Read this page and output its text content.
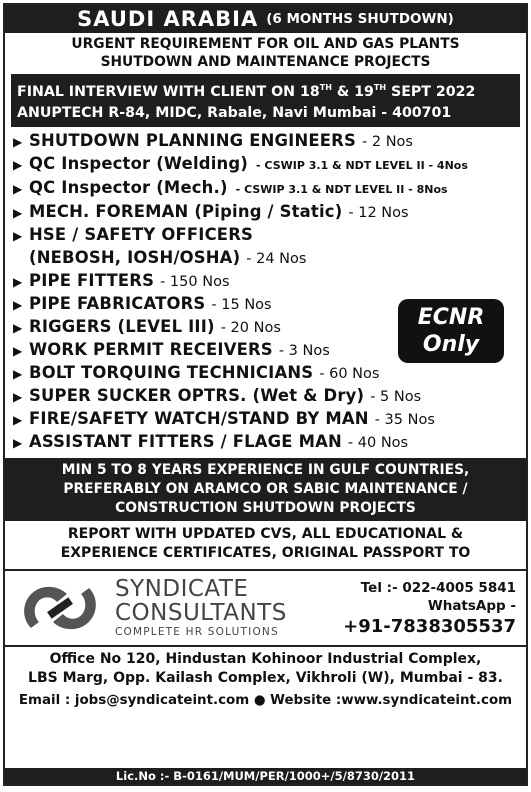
SAUDI ARABIA (6 MONTHS SHUTDOWN)
URGENT REQUIREMENT FOR OIL AND GAS PLANTS
SHUTDOWN AND MAINTENANCE PROJECTS
FINAL INTERVIEW WITH CLIENT ON 18TH & 19TH SEPT 2022
ANUPTECH R-84, MIDC, Rabale, Navi Mumbai - 400701
▶ SHUTDOWN PLANNING ENGINEERS - 2 Nos
▶ QC Inspector (Welding) - CSWIP 3.1 & NDT LEVEL II - 4Nos
▶ QC Inspector (Mech.) - CSWIP 3.1 & NDT LEVEL II - 8Nos
▶ MECH. FOREMAN (Piping / Static) - 12 Nos
▶ HSE / SAFETY OFFICERS
(NEBOSH, IOSH/OSHA) - 24 Nos
▶ PIPE FITTERS - 150 Nos
▶ PIPE FABRICATORS - 15 Nos
▶ RIGGERS (LEVEL III) - 20 Nos
▶ WORK PERMIT RECEIVERS - 3 Nos
▶ BOLT TORQUING TECHNICIANS - 60 Nos
▶ SUPER SUCKER OPTRS. (Wet & Dry) - 5 Nos
▶ FIRE/SAFETY WATCH/STAND BY MAN - 35 Nos
▶ ASSISTANT FITTERS / FLAGE MAN - 40 Nos
ECNR
Only
MIN 5 TO 8 YEARS EXPERIENCE IN GULF COUNTRIES,
PREFERABLY ON ARAMCO OR SABIC MAINTENANCE /
CONSTRUCTION SHUTDOWN PROJECTS
REPORT WITH UPDATED CVS, ALL EDUCATIONAL &
EXPERIENCE CERTIFICATES, ORIGINAL PASSPORT TO
SYNDICATE
CONSULTANTS
COMPLETE HR SOLUTIONS
Tel :- 022-4005 5841
WhatsApp -
+91-7838305537
Office No 120, Hindustan Kohinoor Industrial Complex,
LBS Marg, Opp. Kailash Complex, Vikhroli (W), Mumbai - 83.
Email : jobs@syndicateint.com ● Website :www.syndicateint.com
Lic.No :- B-0161/MUM/PER/1000+/5/8730/2011
